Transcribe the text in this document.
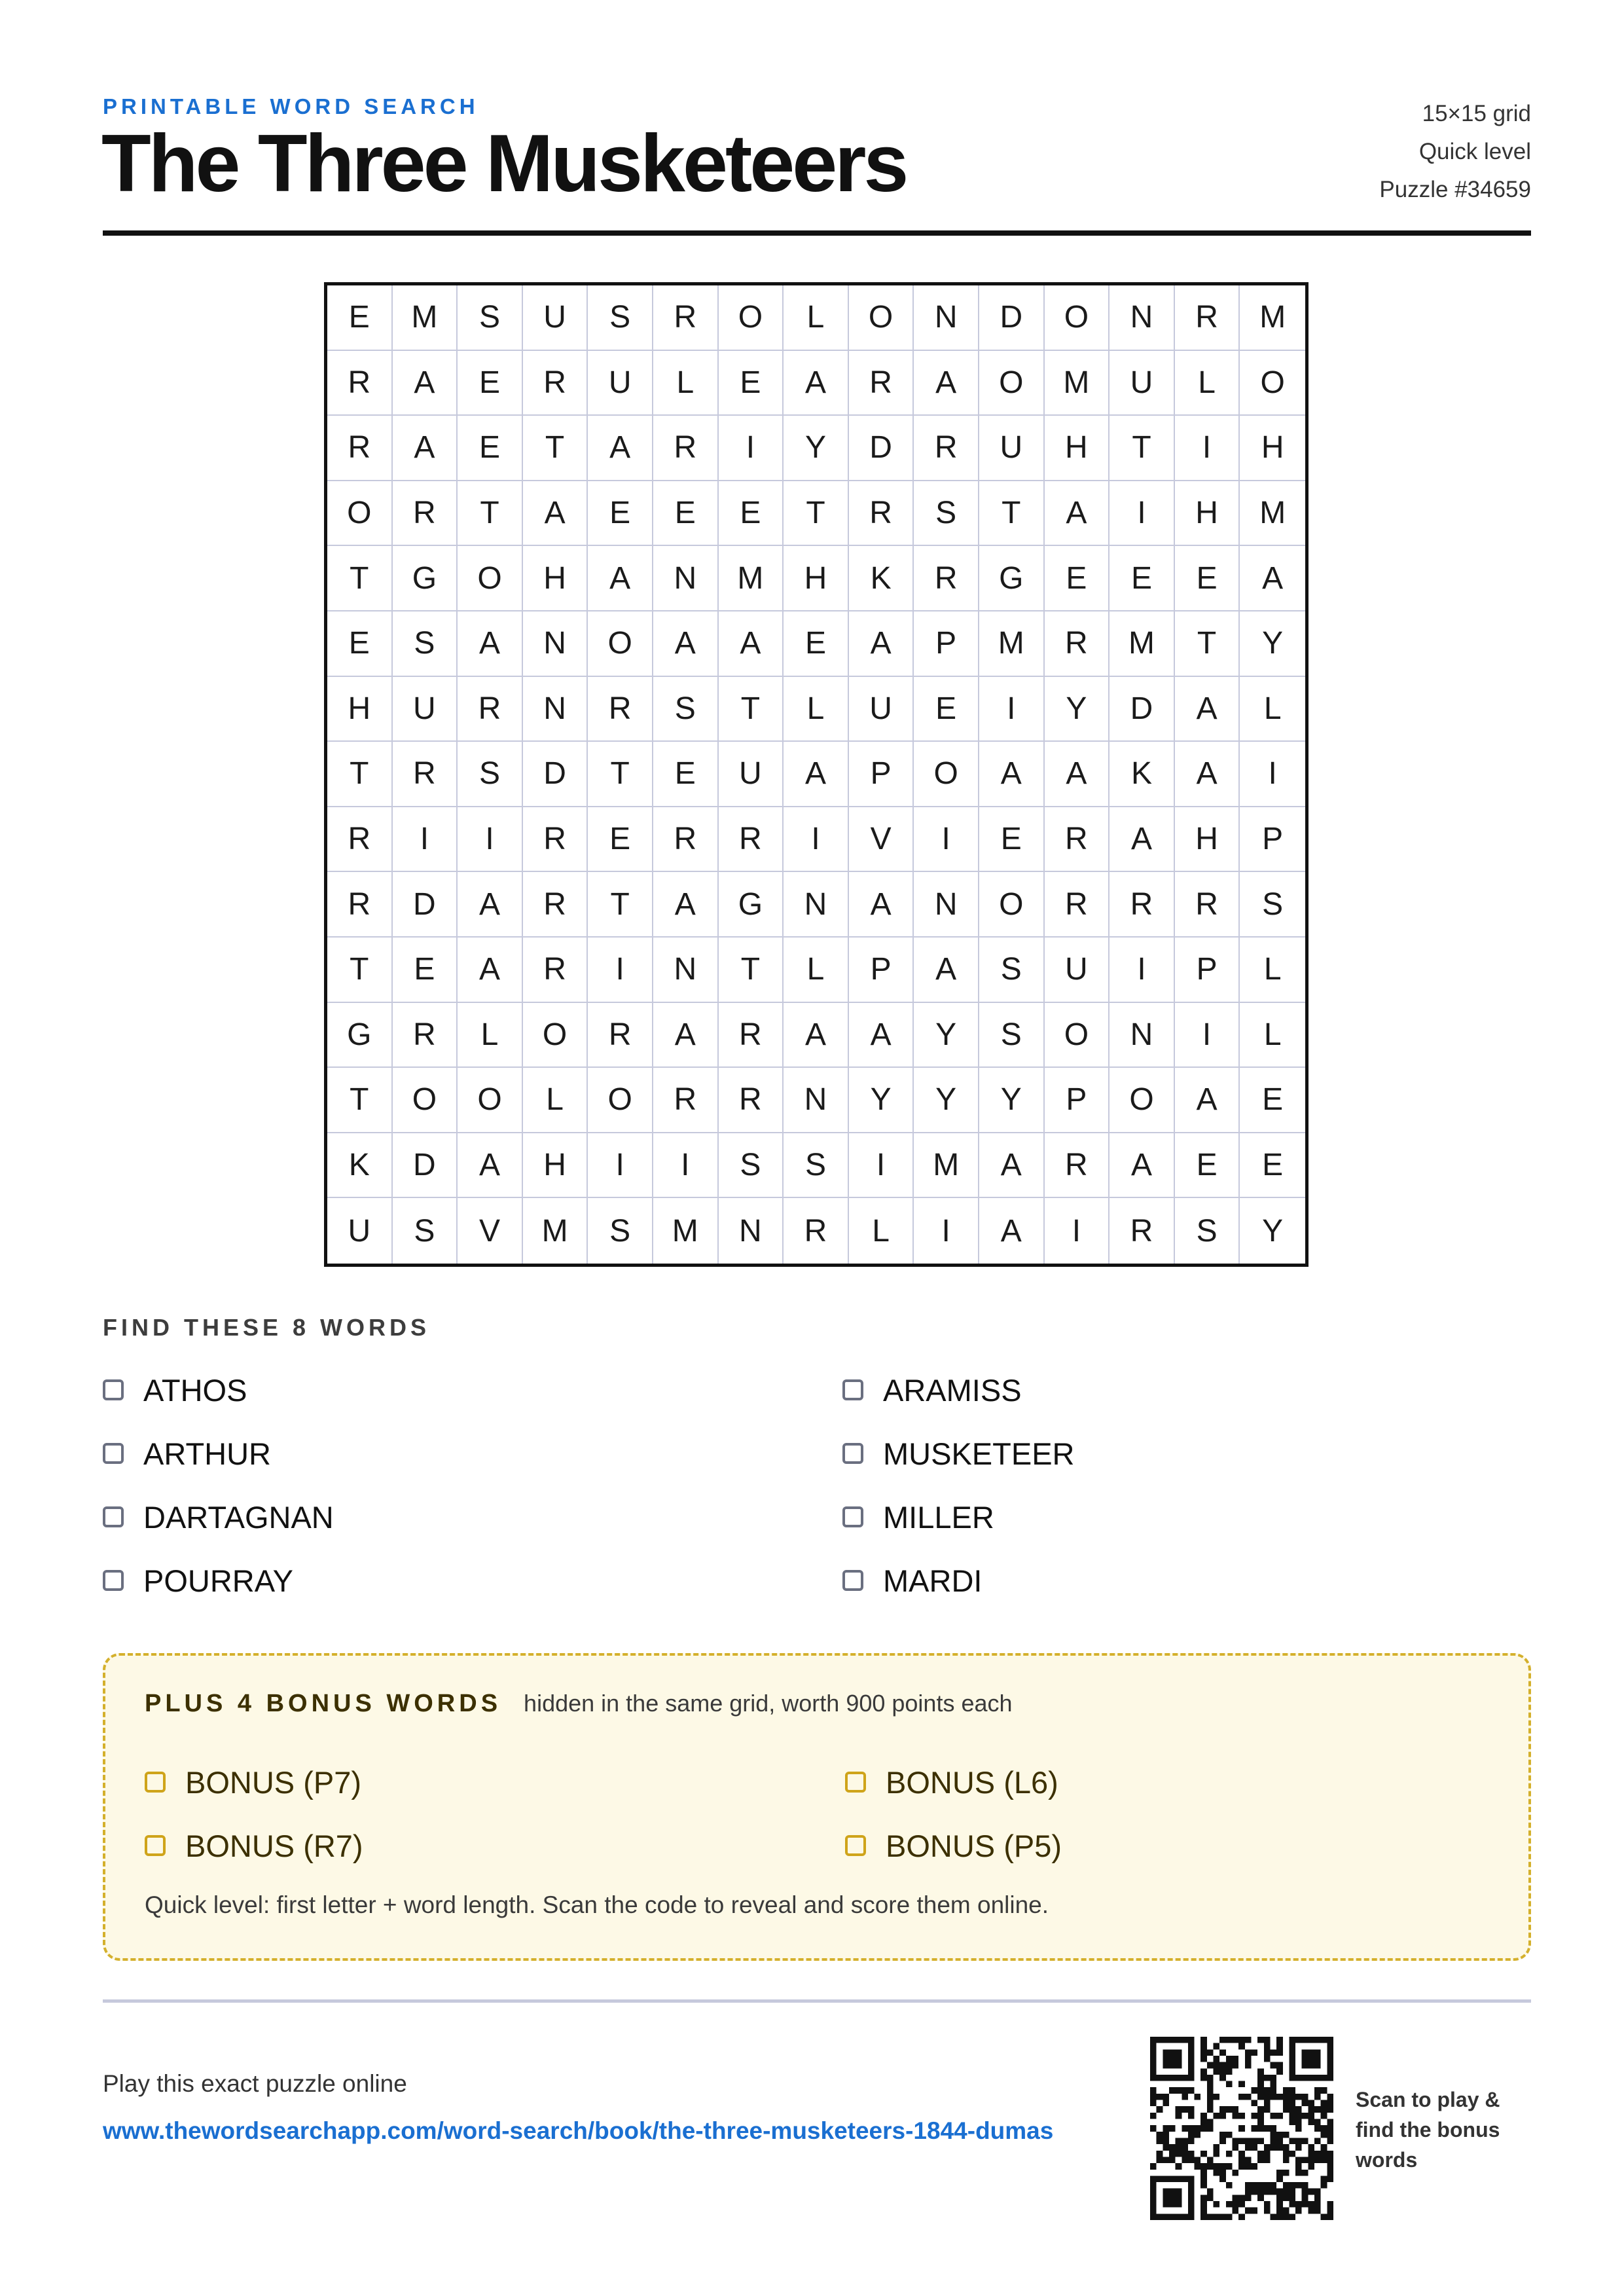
PRINTABLE WORD SEARCH
The Three Musketeers
15×15 grid
Quick level
Puzzle #34659
E	M	S	U	S	R	O	L	O	N	D	O	N	R	M
R	A	E	R	U	L	E	A	R	A	O	M	U	L	O
R	A	E	T	A	R	I	Y	D	R	U	H	T	I	H
O	R	T	A	E	E	E	T	R	S	T	A	I	H	M
T	G	O	H	A	N	M	H	K	R	G	E	E	E	A
E	S	A	N	O	A	A	E	A	P	M	R	M	T	Y
H	U	R	N	R	S	T	L	U	E	I	Y	D	A	L
T	R	S	D	T	E	U	A	P	O	A	A	K	A	I
R	I	I	R	E	R	R	I	V	I	E	R	A	H	P
R	D	A	R	T	A	G	N	A	N	O	R	R	R	S
T	E	A	R	I	N	T	L	P	A	S	U	I	P	L
G	R	L	O	R	A	R	A	A	Y	S	O	N	I	L
T	O	O	L	O	R	R	N	Y	Y	Y	P	O	A	E
K	D	A	H	I	I	S	S	I	M	A	R	A	E	E
U	S	V	M	S	M	N	R	L	I	A	I	R	S	Y
FIND THESE 8 WORDS
ATHOS	ARAMISS
ARTHUR	MUSKETEER
DARTAGNAN	MILLER
POURRAY	MARDI
PLUS 4 BONUS WORDS hidden in the same grid, worth 900 points each
BONUS (P7)	BONUS (L6)
BONUS (R7)	BONUS (P5)
Quick level: first letter + word length. Scan the code to reveal and score them online.
Play this exact puzzle online
www.thewordsearchapp.com/word-search/book/the-three-musketeers-1844-dumas
Scan to play & find the bonus words
